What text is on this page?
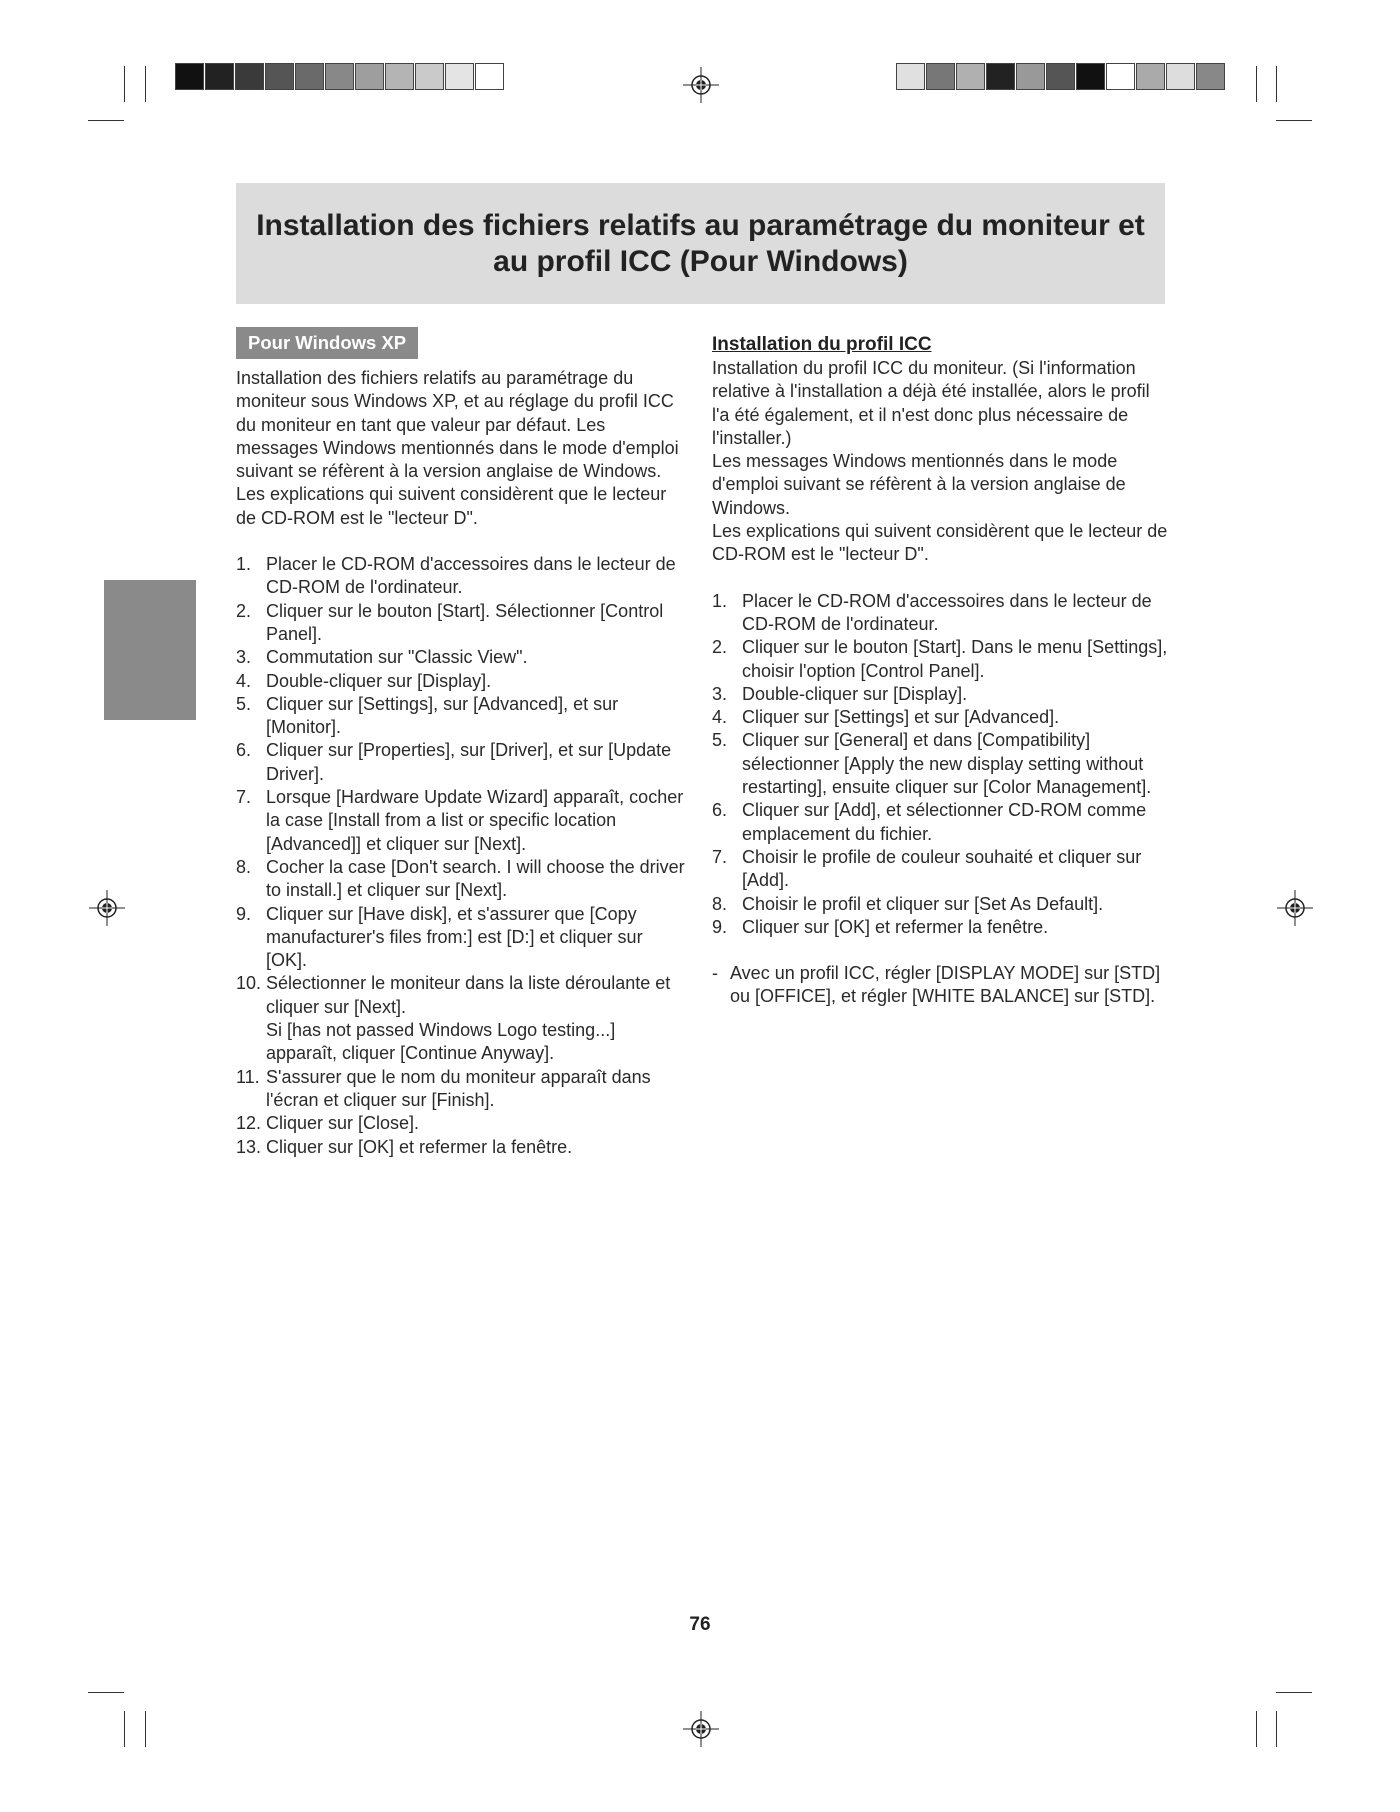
Installation des fichiers relatifs au paramétrage du moniteur et au profil ICC (Pour Windows)
Pour Windows XP

Installation des fichiers relatifs au paramétrage du moniteur sous Windows XP, et au réglage du profil ICC du moniteur en tant que valeur par défaut. Les messages Windows mentionnés dans le mode d'emploi suivant se réfèrent à la version anglaise de Windows.

Les explications qui suivent considèrent que le lecteur de CD-ROM est le "lecteur D".

1. Placer le CD-ROM d'accessoires dans le lecteur de CD-ROM de l'ordinateur.
2. Cliquer sur le bouton [Start]. Sélectionner [Control Panel].
3. Commutation sur "Classic View".
4. Double-cliquer sur [Display].
5. Cliquer sur [Settings], sur [Advanced], et sur [Monitor].
6. Cliquer sur [Properties], sur [Driver], et sur [Update Driver].
7. Lorsque [Hardware Update Wizard] apparaît, cocher la case [Install from a list or specific location [Advanced]] et cliquer sur [Next].
8. Cocher la case [Don't search. I will choose the driver to install.] et cliquer sur [Next].
9. Cliquer sur [Have disk], et s'assurer que [Copy manufacturer's files from:] est [D:] et cliquer sur [OK].
10. Sélectionner le moniteur dans la liste déroulante et cliquer sur [Next].
Si [has not passed Windows Logo testing...] apparaît, cliquer [Continue Anyway].
11. S'assurer que le nom du moniteur apparaît dans l'écran et cliquer sur [Finish].
12. Cliquer sur [Close].
13. Cliquer sur [OK] et refermer la fenêtre.
Installation du profil ICC

Installation du profil ICC du moniteur. (Si l'information relative à l'installation a déjà été installée, alors le profil l'a été également, et il n'est donc plus nécessaire de l'installer.)

Les messages Windows mentionnés dans le mode d'emploi suivant se réfèrent à la version anglaise de Windows.

Les explications qui suivent considèrent que le lecteur de CD-ROM est le "lecteur D".

1. Placer le CD-ROM d'accessoires dans le lecteur de CD-ROM de l'ordinateur.
2. Cliquer sur le bouton [Start]. Dans le menu [Settings], choisir l'option [Control Panel].
3. Double-cliquer sur [Display].
4. Cliquer sur [Settings] et sur [Advanced].
5. Cliquer sur [General] et dans [Compatibility] sélectionner [Apply the new display setting without restarting], ensuite cliquer sur [Color Management].
6. Cliquer sur [Add], et sélectionner CD-ROM comme emplacement du fichier.
7. Choisir le profile de couleur souhaité et cliquer sur [Add].
8. Choisir le profil et cliquer sur [Set As Default].
9. Cliquer sur [OK] et refermer la fenêtre.
- Avec un profil ICC, régler [DISPLAY MODE] sur [STD] ou [OFFICE], et régler [WHITE BALANCE] sur [STD].
76
